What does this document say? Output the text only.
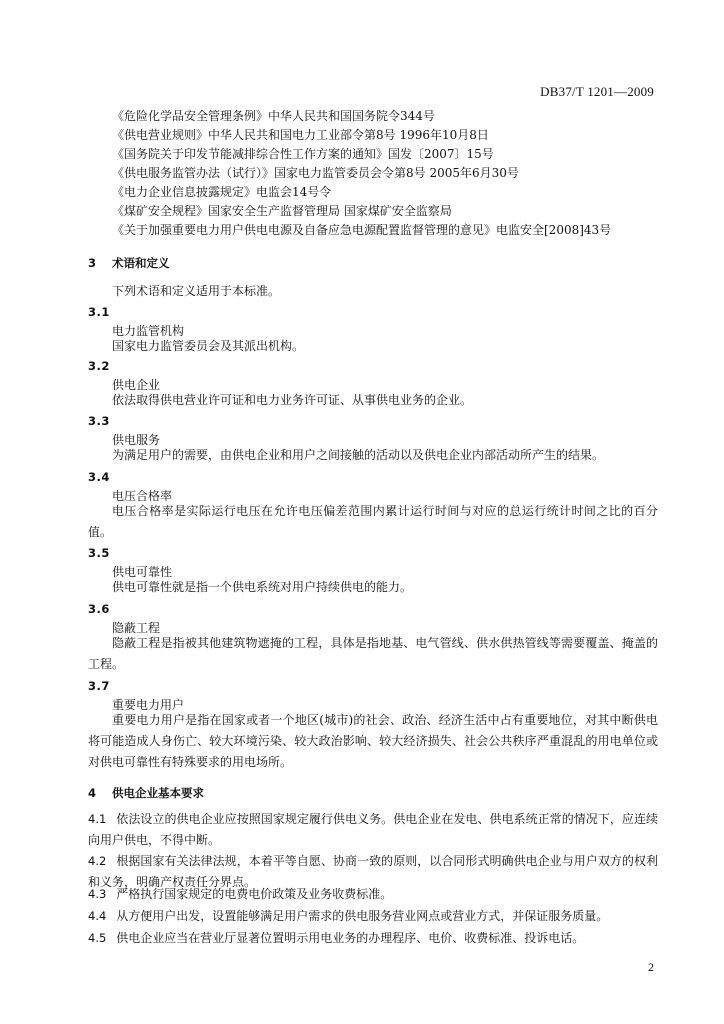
DB37/T 1201—2009
《危险化学品安全管理条例》中华人民共和国国务院令344号
《供电营业规则》中华人民共和国电力工业部令第8号 1996年10月8日
《国务院关于印发节能减排综合性工作方案的通知》国发〔2007〕15号
《供电服务监管办法（试行）》国家电力监管委员会令第8号 2005年6月30号
《电力企业信息披露规定》电监会14号令
《煤矿安全规程》国家安全生产监督管理局 国家煤矿安全监察局
《关于加强重要电力用户供电电源及自备应急电源配置监督管理的意见》电监安全[2008]43号
3 术语和定义
下列术语和定义适用于本标准。
3.1
电力监管机构
国家电力监管委员会及其派出机构。
3.2
供电企业
依法取得供电营业许可证和电力业务许可证、从事供电业务的企业。
3.3
供电服务
为满足用户的需要，由供电企业和用户之间接触的活动以及供电企业内部活动所产生的结果。
3.4
电压合格率
电压合格率是实际运行电压在允许电压偏差范围内累计运行时间与对应的总运行统计时间之比的百分值。
3.5
供电可靠性
供电可靠性就是指一个供电系统对用户持续供电的能力。
3.6
隐蔽工程
隐蔽工程是指被其他建筑物遮掩的工程，具体是指地基、电气管线、供水供热管线等需要覆盖、掩盖的工程。
3.7
重要电力用户
重要电力用户是指在国家或者一个地区(城市)的社会、政治、经济生活中占有重要地位，对其中断供电将可能造成人身伤亡、较大环境污染、较大政治影响、较大经济损失、社会公共秩序严重混乱的用电单位或对供电可靠性有特殊要求的用电场所。
4 供电企业基本要求
4.1 依法设立的供电企业应按照国家规定履行供电义务。供电企业在发电、供电系统正常的情况下，应连续向用户供电，不得中断。
4.2 根据国家有关法律法规，本着平等自愿、协商一致的原则，以合同形式明确供电企业与用户双方的权利和义务，明确产权责任分界点。
4.3 严格执行国家规定的电费电价政策及业务收费标准。
4.4 从方便用户出发，设置能够满足用户需求的供电服务营业网点或营业方式，并保证服务质量。
4.5 供电企业应当在营业厅显著位置明示用电业务的办理程序、电价、收费标准、投诉电话。
2
